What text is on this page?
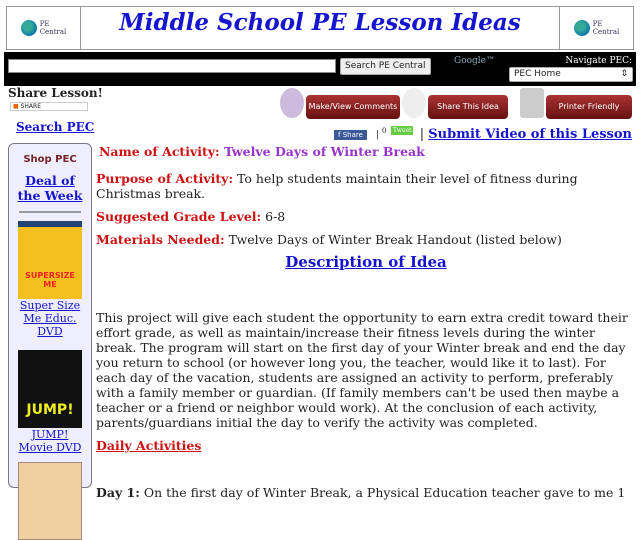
PE
Central	Middle School PE Lesson Ideas	PE
Central
Search PE Central	Google™	Navigate PEC:
PEC Home	⇕
Share Lesson!
■ SHARE
Search PEC
Make/View Comments	Share This Idea	Printer Friendly
f Share	| $^0$	Tweet | Submit Video of this Lesson
Shop PEC
Deal of the Week
SUPERSIZE ME
Super Size Me Educ. DVD
JUMP!
JUMP! Movie DVD

Name of Activity: Twelve Days of Winter Break

Purpose of Activity: To help students maintain their level of fitness during Christmas break.

Suggested Grade Level: 6-8

Materials Needed: Twelve Days of Winter Break Handout (listed below)

Description of Idea

This project will give each student the opportunity to earn extra credit toward their effort grade, as well as maintain/increase their fitness levels during the winter break. The program will start on the first day of your Winter break and end the day you return to school (or however long you, the teacher, would like it to last). For each day of the vacation, students are assigned an activity to perform, preferably with a family member or guardian. (If family members can't be used then maybe a teacher or a friend or neighbor would work). At the conclusion of each activity, parents/guardians initial the day to verify the activity was completed.

Daily Activities

Day 1: On the first day of Winter Break, a Physical Education teacher gave to me 1
